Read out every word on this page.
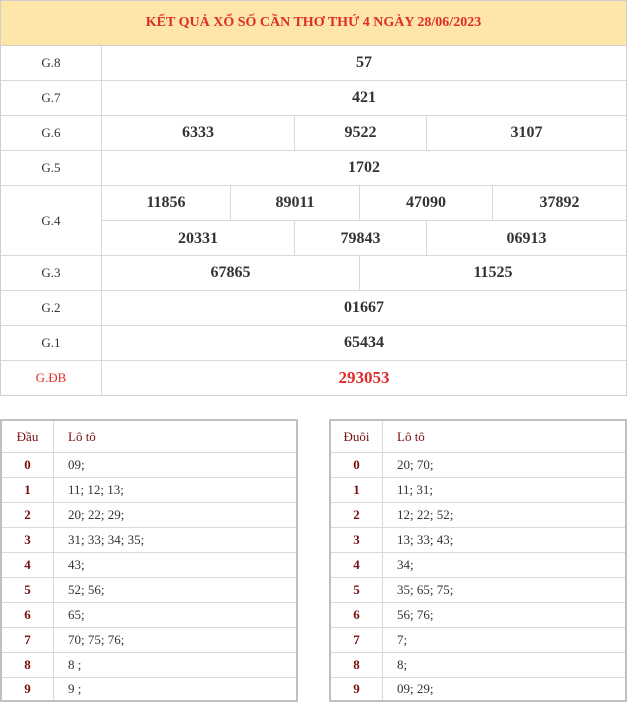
KẾT QUẢ XỔ SỐ CẦN THƠ THỨ 4 NGÀY 28/06/2023
G.8	57
G.7	421
G.6	6333	9522	3107
G.5	1702
G.4
11856	89011	47090	37892
20331	79843	06913
G.3	67865	11525
G.2	01667
G.1	65434
G.ĐB	293053
Đầu	Lô tô
0	09;
1	11; 12; 13;
2	20; 22; 29;
3	31; 33; 34; 35;
4	43;
5	52; 56;
6	65;
7	70; 75; 76;
8	8 ;
9	9 ;
Đuôi	Lô tô
0	20; 70;
1	11; 31;
2	12; 22; 52;
3	13; 33; 43;
4	34;
5	35; 65; 75;
6	56; 76;
7	7;
8	8;
9	09; 29;
